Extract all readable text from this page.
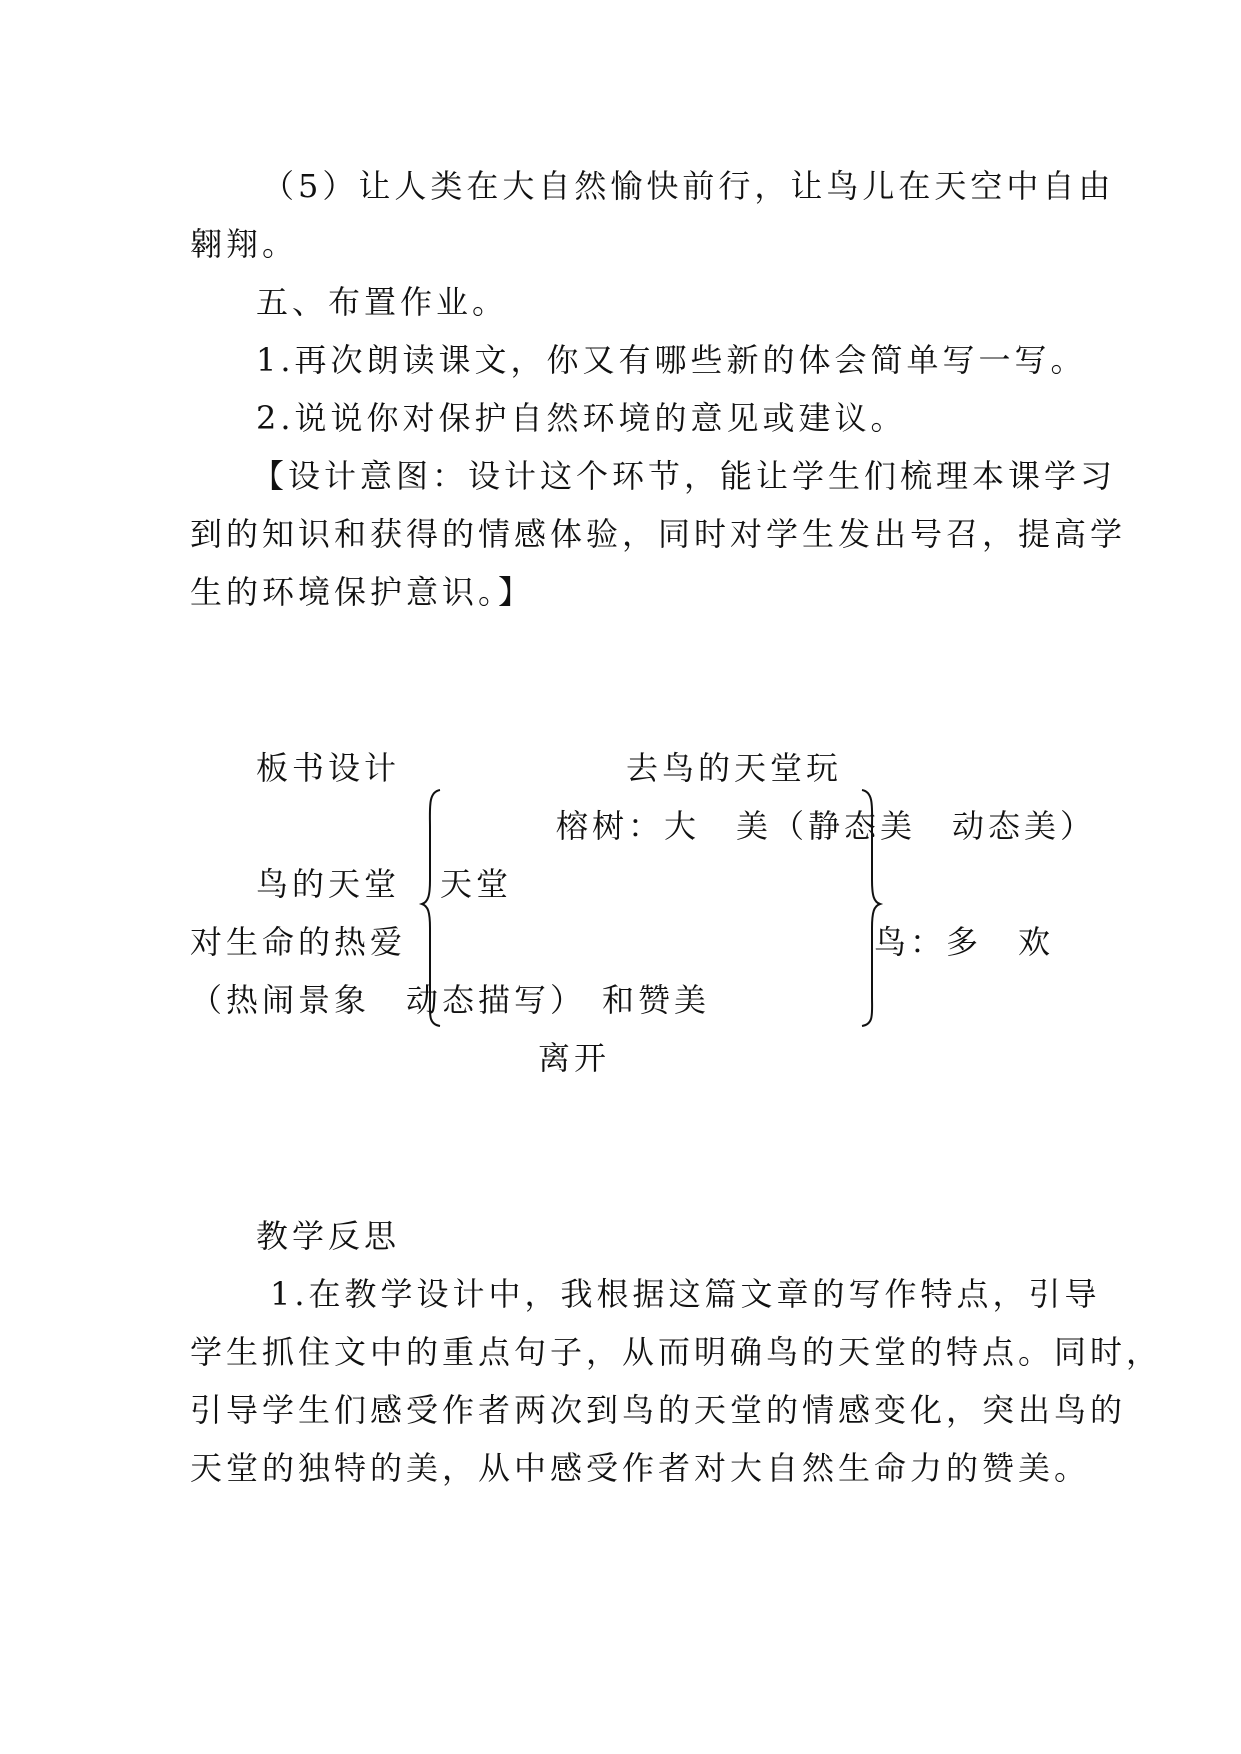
（5）让人类在大自然愉快前行，让鸟儿在天空中自由
翱翔。
五、布置作业。
1.再次朗读课文，你又有哪些新的体会简单写一写。
2.说说你对保护自然环境的意见或建议。
【设计意图：设计这个环节，能让学生们梳理本课学习
到的知识和获得的情感体验，同时对学生发出号召，提高学
生的环境保护意识。】
板书设计	去鸟的天堂玩
榕树：大　美（静态美　动态美）
鸟的天堂 天堂
对生命的热爱	鸟：多　欢
（热闹景象　动态描写） 和赞美
离开
教学反思
1.在教学设计中，我根据这篇文章的写作特点，引导
学生抓住文中的重点句子，从而明确鸟的天堂的特点。同时，
引导学生们感受作者两次到鸟的天堂的情感变化，突出鸟的
天堂的独特的美，从中感受作者对大自然生命力的赞美。
